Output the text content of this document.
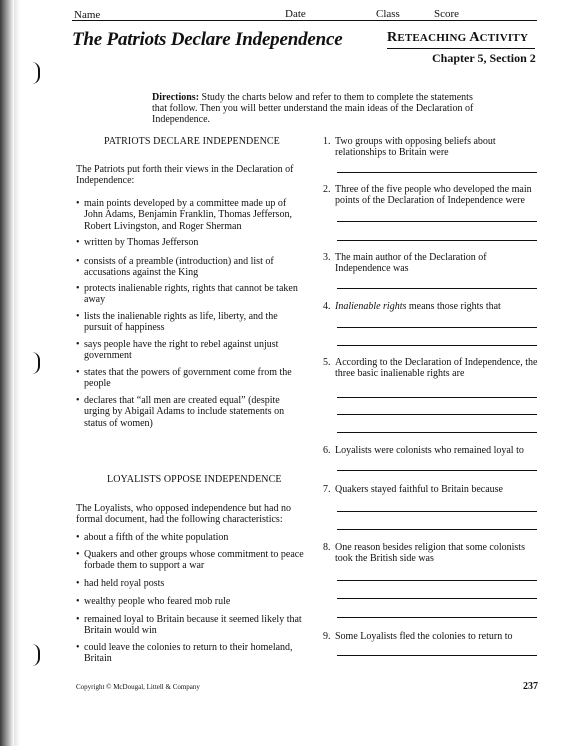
Name	Date	Class	Score
The Patriots Declare Independence	RETEACHING ACTIVITY
Chapter 5, Section 2
Directions: Study the charts below and refer to them to complete the statements that follow. Then you will better understand the main ideas of the Declaration of Independence.
PATRIOTS DECLARE INDEPENDENCE
The Patriots put forth their views in the Declaration of Independence:
• main points developed by a committee made up of John Adams, Benjamin Franklin, Thomas Jefferson, Robert Livingston, and Roger Sherman
• written by Thomas Jefferson
• consists of a preamble (introduction) and list of accusations against the King
• protects inalienable rights, rights that cannot be taken away
• lists the inalienable rights as life, liberty, and the pursuit of happiness
• says people have the right to rebel against unjust government
• states that the powers of government come from the people
• declares that “all men are created equal” (despite urging by Abigail Adams to include statements on status of women)
LOYALISTS OPPOSE INDEPENDENCE
The Loyalists, who opposed independence but had no formal document, had the following characteristics:
• about a fifth of the white population
• Quakers and other groups whose commitment to peace forbade them to support a war
• had held royal posts
• wealthy people who feared mob rule
• remained loyal to Britain because it seemed likely that Britain would win
• could leave the colonies to return to their homeland, Britain
1. Two groups with opposing beliefs about relationships to Britain were
2. Three of the five people who developed the main points of the Declaration of Independence were
3. The main author of the Declaration of Independence was
4. Inalienable rights means those rights that
5. According to the Declaration of Independence, the three basic inalienable rights are
6. Loyalists were colonists who remained loyal to
7. Quakers stayed faithful to Britain because
8. One reason besides religion that some colonists took the British side was
9. Some Loyalists fled the colonies to return to
Copyright © McDougal, Littell & Company	237
